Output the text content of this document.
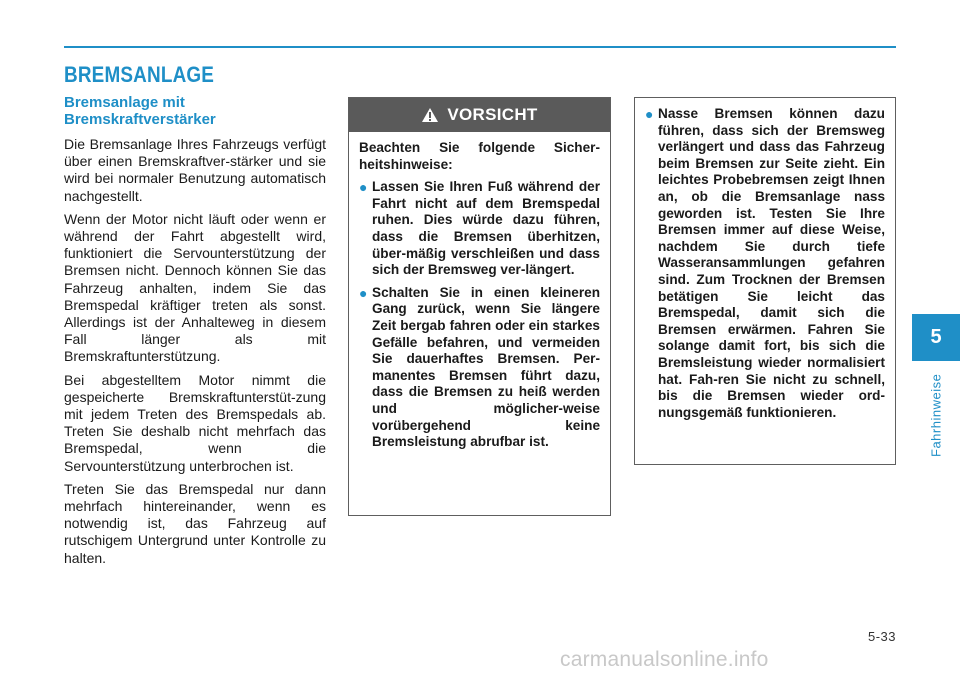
BREMSANLAGE
Bremsanlage mit Bremskraftverstärker

Die Bremsanlage Ihres Fahrzeugs verfügt über einen Bremskraftver-stärker und sie wird bei normaler Benutzung automatisch nachgestellt.

Wenn der Motor nicht läuft oder wenn er während der Fahrt abgestellt wird, funktioniert die Servounterstützung der Bremsen nicht. Dennoch können Sie das Fahrzeug anhalten, indem Sie das Bremspedal kräftiger treten als sonst. Allerdings ist der Anhalteweg in diesem Fall länger als mit Bremskraftunterstützung.

Bei abgestelltem Motor nimmt die gespeicherte Bremskraftunterstüt-zung mit jedem Treten des Bremspedals ab. Treten Sie deshalb nicht mehrfach das Bremspedal, wenn die Servounterstützung unterbrochen ist.

Treten Sie das Bremspedal nur dann mehrfach hintereinander, wenn es notwendig ist, das Fahrzeug auf rutschigem Untergrund unter Kontrolle zu halten.

VORSICHT

Beachten Sie folgende Sicher-heitshinweise:

● Lassen Sie Ihren Fuß während der Fahrt nicht auf dem Bremspedal ruhen. Dies würde dazu führen, dass die Bremsen überhitzen, über-mäßig verschleißen und dass sich der Bremsweg ver-längert.
● Schalten Sie in einen kleineren Gang zurück, wenn Sie längere Zeit bergab fahren oder ein starkes Gefälle befahren, und vermeiden Sie dauerhaftes Bremsen. Per-manentes Bremsen führt dazu, dass die Bremsen zu heiß werden und möglicher-weise vorübergehend keine Bremsleistung abrufbar ist.
● Nasse Bremsen können dazu führen, dass sich der Bremsweg verlängert und dass das Fahrzeug beim Bremsen zur Seite zieht. Ein leichtes Probebremsen zeigt Ihnen an, ob die Bremsanlage nass geworden ist. Testen Sie Ihre Bremsen immer auf diese Weise, nachdem Sie durch tiefe Wasseransammlungen gefahren sind. Zum Trocknen der Bremsen betätigen Sie leicht das Bremspedal, damit sich die Bremsen erwärmen. Fahren Sie solange damit fort, bis sich die Bremsleistung wieder normalisiert hat. Fah-ren Sie nicht zu schnell, bis die Bremsen wieder ord-nungsgemäß funktionieren.
5
Fahrhinweise
5-33
carmanualsonline.info
